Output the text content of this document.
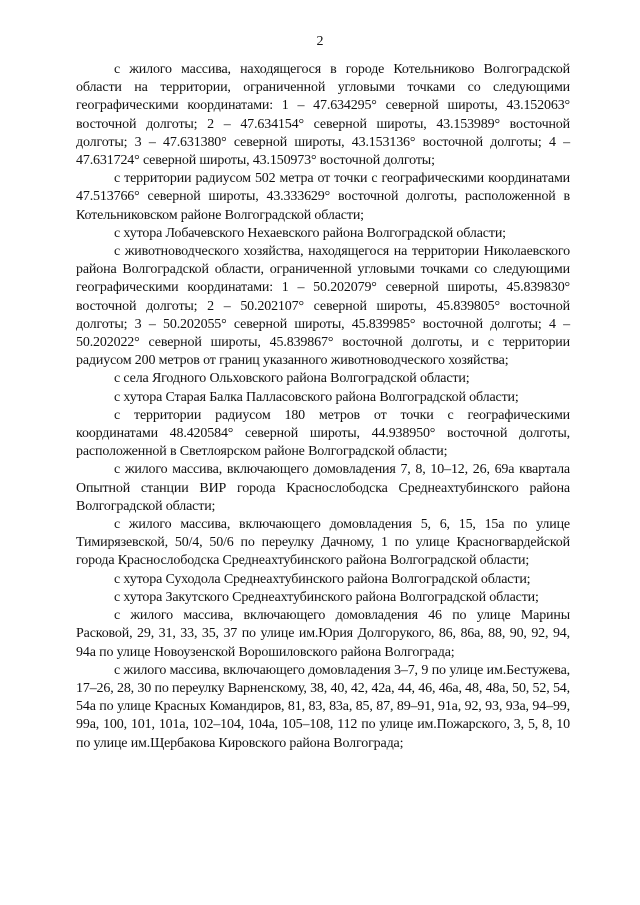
2

с жилого массива, находящегося в городе Котельниково Волгоградской области на территории, ограниченной угловыми точками со следующими географическими координатами: 1 – 47.634295° северной широты, 43.152063° восточной долготы; 2 – 47.634154° северной широты, 43.153989° восточной долготы; 3 – 47.631380° северной широты, 43.153136° восточной долготы; 4 – 47.631724° северной широты, 43.150973° восточной долготы;

с территории радиусом 502 метра от точки с географическими координатами 47.513766° северной широты, 43.333629° восточной долготы, расположенной в Котельниковском районе Волгоградской области;

с хутора Лобачевского Нехаевского района Волгоградской области;

с животноводческого хозяйства, находящегося на территории Николаевского района Волгоградской области, ограниченной угловыми точками со следующими географическими координатами: 1 – 50.202079° северной широты, 45.839830° восточной долготы; 2 – 50.202107° северной широты, 45.839805° восточной долготы; 3 – 50.202055° северной широты, 45.839985° восточной долготы; 4 – 50.202022° северной широты, 45.839867° восточной долготы, и с территории радиусом 200 метров от границ указанного животноводческого хозяйства;

с села Ягодного Ольховского района Волгоградской области;

с хутора Старая Балка Палласовского района Волгоградской области;

с территории радиусом 180 метров от точки с географическими координатами 48.420584° северной широты, 44.938950° восточной долготы, расположенной в Светлоярском районе Волгоградской области;

с жилого массива, включающего домовладения 7, 8, 10–12, 26, 69а квартала Опытной станции ВИР города Краснослободска Среднеахтубинского района Волгоградской области;

с жилого массива, включающего домовладения 5, 6, 15, 15а по улице Тимирязевской, 50/4, 50/6 по переулку Дачному, 1 по улице Красногвардейской города Краснослободска Среднеахтубинского района Волгоградской области;

с хутора Суходола Среднеахтубинского района Волгоградской области;

с хутора Закутского Среднеахтубинского района Волгоградской области;

с жилого массива, включающего домовладения 46 по улице Марины Расковой, 29, 31, 33, 35, 37 по улице им.Юрия Долгорукого, 86, 86а, 88, 90, 92, 94, 94а по улице Новоузенской Ворошиловского района Волгограда;

с жилого массива, включающего домовладения 3–7, 9 по улице им.Бестужева, 17–26, 28, 30 по переулку Варненскому, 38, 40, 42, 42а, 44, 46, 46а, 48, 48а, 50, 52, 54, 54а по улице Красных Командиров, 81, 83, 83а, 85, 87, 89–91, 91а, 92, 93, 93а, 94–99, 99а, 100, 101, 101а, 102–104, 104а, 105–108, 112 по улице им.Пожарского, 3, 5, 8, 10 по улице им.Щербакова Кировского района Волгограда;
